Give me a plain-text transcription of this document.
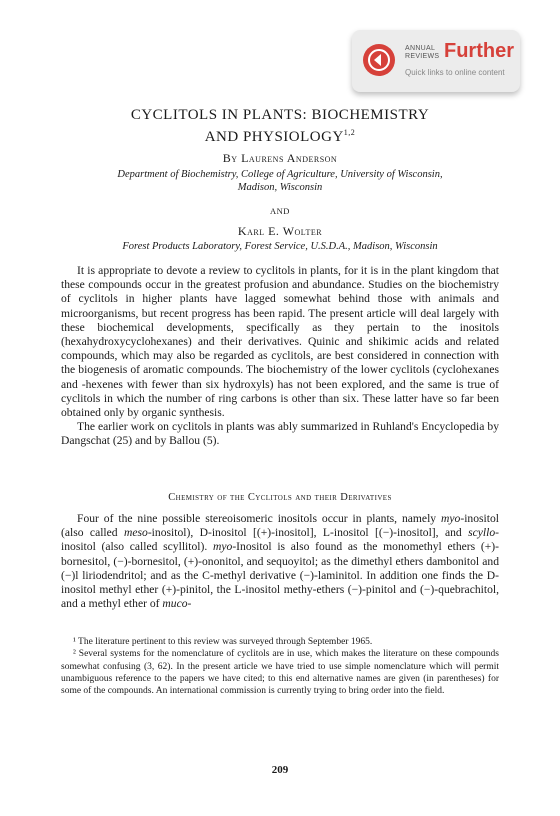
ANNUAL
REVIEWS Further
Quick links to online content
CYCLITOLS IN PLANTS: BIOCHEMISTRY
AND PHYSIOLOGY$^{1,2}$
By Laurens Anderson
Department of Biochemistry, College of Agriculture, University of Wisconsin,
Madison, Wisconsin
AND
Karl E. Wolter
Forest Products Laboratory, Forest Service, U.S.D.A., Madison, Wisconsin

It is appropriate to devote a review to cyclitols in plants, for it is in the plant kingdom that these compounds occur in the greatest profusion and abundance. Studies on the biochemistry of cyclitols in higher plants have lagged somewhat behind those with animals and microorganisms, but recent progress has been rapid. The present article will deal largely with these biochemical developments, specifically as they pertain to the inositols (hexahydroxycyclohexanes) and their derivatives. Quinic and shikimic acids and related compounds, which may also be regarded as cyclitols, are best considered in connection with the biogenesis of aromatic compounds. The biochemistry of the lower cyclitols (cyclohexanes and -hexenes with fewer than six hydroxyls) has not been explored, and the same is true of cyclitols in which the number of ring carbons is other than six. These latter have so far been obtained only by organic synthesis.

The earlier work on cyclitols in plants was ably summarized in Ruhland's Encyclopedia by Dangschat (25) and by Ballou (5).

Chemistry of the Cyclitols and their Derivatives

Four of the nine possible stereoisomeric inositols occur in plants, namely myo-inositol (also called meso-inositol), D-inositol [(+)-inositol], L-inositol [(−)-inositol], and scyllo-inositol (also called scyllitol). myo-Inositol is also found as the monomethyl ethers (+)-bornesitol, (−)-bornesitol, (+)-ononitol, and sequoyitol; as the dimethyl ethers dambonitol and (−)l liriodendritol; and as the C-methyl derivative (−)-laminitol. In addition one finds the D-inositol methyl ether (+)-pinitol, the L-inositol methy-ethers (−)-pinitol and (−)-quebrachitol, and a methyl ether of muco-

¹ The literature pertinent to this review was surveyed through September 1965.

² Several systems for the nomenclature of cyclitols are in use, which makes the literature on these compounds somewhat confusing (3, 62). In the present article we have tried to use simple nomenclature which will permit unambiguous reference to the papers we have cited; to this end alternative names are given (in parentheses) for some of the compounds. An international commission is currently trying to bring order into the field.

209
